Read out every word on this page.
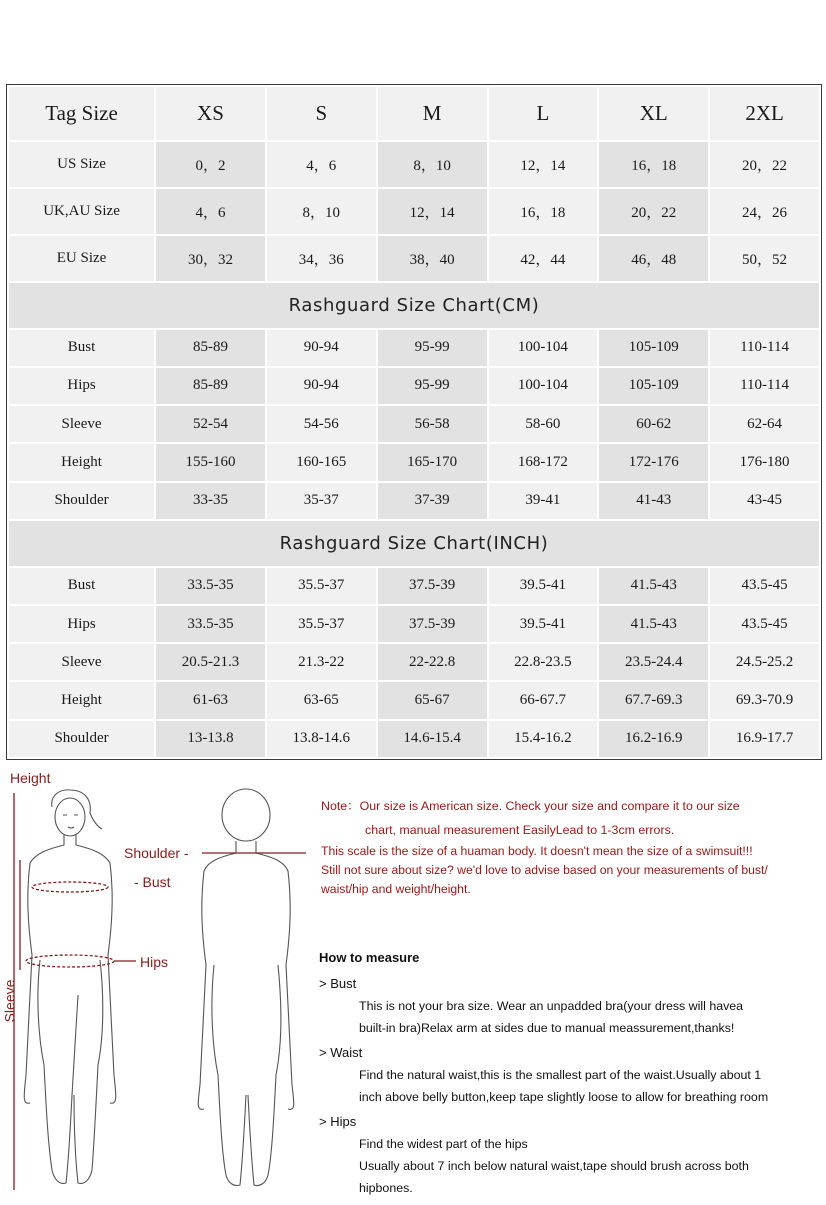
Tag Size	XS	S	M	L	XL	2XL
US Size	0，2	4，6	8，10	12，14	16，18	20，22
UK,AU Size	4，6	8，10	12，14	16，18	20，22	24，26
EU Size	30，32	34，36	38，40	42，44	46，48	50，52
Rashguard Size Chart(CM)						
Bust	85-89	90-94	95-99	100-104	105-109	110-114
Hips	85-89	90-94	95-99	100-104	105-109	110-114
Sleeve	52-54	54-56	56-58	58-60	60-62	62-64
Height	155-160	160-165	165-170	168-172	172-176	176-180
Shoulder	33-35	35-37	37-39	39-41	41-43	43-45
Rashguard Size Chart(INCH)						
Bust	33.5-35	35.5-37	37.5-39	39.5-41	41.5-43	43.5-45
Hips	33.5-35	35.5-37	37.5-39	39.5-41	41.5-43	43.5-45
Sleeve	20.5-21.3	21.3-22	22-22.8	22.8-23.5	23.5-24.4	24.5-25.2
Height	61-63	63-65	65-67	66-67.7	67.7-69.3	69.3-70.9
Shoulder	13-13.8	13.8-14.6	14.6-15.4	15.4-16.2	16.2-16.9	16.9-17.7
Height
Shoulder -
- Bust
Hips
Sleeve
Note：Our size is American size. Check your size and compare it to our size
chart, manual measurement EasilyLead to 1-3cm errors.
This scale is the size of a huaman body. It doesn't mean the size of a swimsuit!!!
Still not sure about size? we'd love to advise based on your measurements of bust/
waist/hip and weight/height.
How to measure
> Bust
This is not your bra size. Wear an unpadded bra(your dress will havea
built-in bra)Relax arm at sides due to manual meassurement,thanks!
> Waist
Find the natural waist,this is the smallest part of the waist.Usually about 1
inch above belly button,keep tape slightly loose to allow for breathing room
> Hips
Find the widest part of the hips
Usually about 7 inch below natural waist,tape should brush across both
hipbones.
